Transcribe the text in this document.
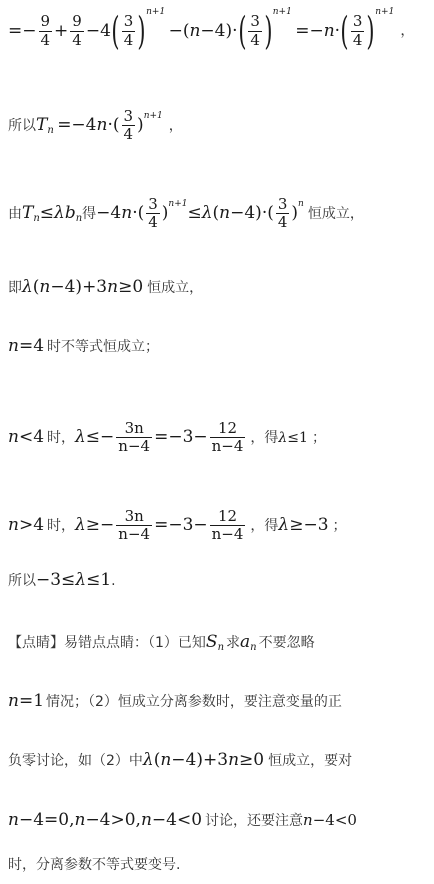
=− $\frac{9}{4} + \frac{9}{4} -4$ ( $\frac{3}{4}$ ) n+1
 −( n −4)· ( $\frac{3}{4}$ ) n+1
 =− n · ( $\frac{3}{4}$ ) n+1
，
所以 T n  =−4 n ·( $\frac{3}{4}$ ) n+1
，
由 T n ≤ λb n 得 −4 n ·( $\frac{3}{4}$ ) n+1 ≤ λ ( $n -4)\cdot( \frac{3}{4}$ ) n
恒成立，
即 λ ( n −4)+3 n ≥0 恒成立，
n =4 时不等式恒成立；
n <4 时， $\lambda \le- \frac{3n}{n-4} =-3- \frac{12}{n-4}$ ，得 λ ≤1 ；
n >4 时， $\lambda \ge- \frac{3n}{n-4} =-3- \frac{12}{n-4}$ ，得 λ ≥−3 ；
所以 −3≤ λ ≤1 .
【点睛】易错点点睛：（1）已知 S n 求 a n 不要忽略
n =1 情况；（2）恒成立分离参数时，要注意变量的正
负零讨论，如（2）中 λ ( n −4)+3 n ≥0 恒成立，要对
n −4=0, n −4>0, n −4<0 讨论，还要注意 n −4<0
时，分离参数不等式要变号.
